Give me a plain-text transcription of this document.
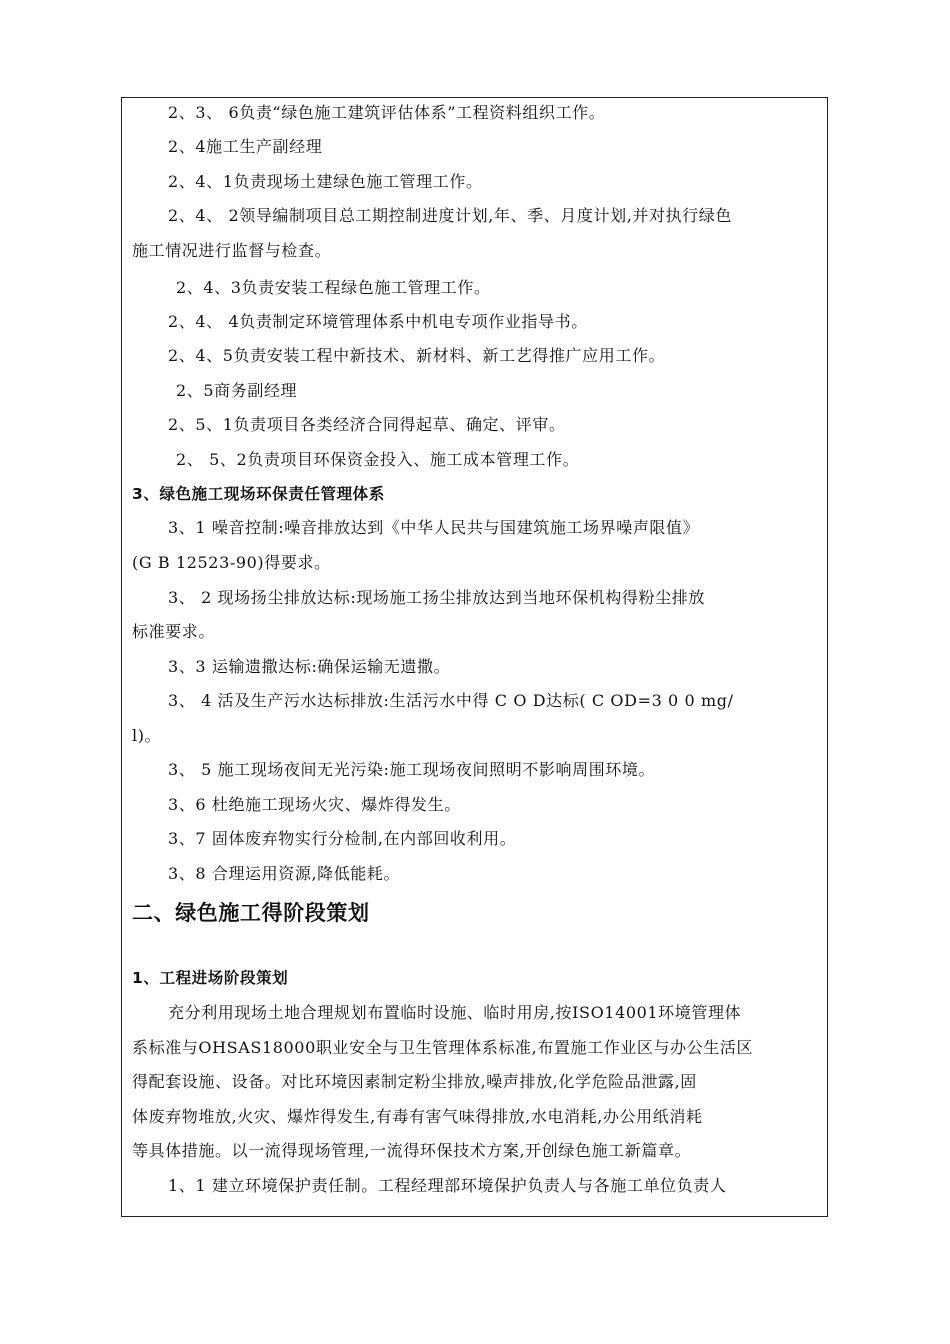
2、3、 6负责“绿色施工建筑评估体系”工程资料组织工作。
2、4施工生产副经理
2、4、1负责现场土建绿色施工管理工作。
2、4、 2领导编制项目总工期控制进度计划,年、季、月度计划,并对执行绿色
施工情况进行监督与检查。
2、4、3负责安装工程绿色施工管理工作。
2、4、 4负责制定环境管理体系中机电专项作业指导书。
2、4、5负责安装工程中新技术、新材料、新工艺得推广应用工作。
2、5商务副经理
2、5、1负责项目各类经济合同得起草、确定、评审。
2、 5、2负责项目环保资金投入、施工成本管理工作。
3、绿色施工现场环保责任管理体系
3、1 噪音控制:噪音排放达到《中华人民共与国建筑施工场界噪声限值》
(G B 12523-90)得要求。
3、 2 现场扬尘排放达标:现场施工扬尘排放达到当地环保机构得粉尘排放
标准要求。
3、3 运输遗撒达标:确保运输无遗撒。
3、 4 活及生产污水达标排放:生活污水中得 C O D达标( C OD=3 0 0 mg/
l)。
3、 5 施工现场夜间无光污染:施工现场夜间照明不影响周围环境。
3、6 杜绝施工现场火灾、爆炸得发生。
3、7 固体废弃物实行分检制,在内部回收利用。
3、8 合理运用资源,降低能耗。
二、绿色施工得阶段策划
1、工程进场阶段策划
充分利用现场土地合理规划布置临时设施、临时用房,按ISO14001环境管理体
系标准与OHSAS18000职业安全与卫生管理体系标准,布置施工作业区与办公生活区
得配套设施、设备。对比环境因素制定粉尘排放,噪声排放,化学危险品泄露,固
体废弃物堆放,火灾、爆炸得发生,有毒有害气味得排放,水电消耗,办公用纸消耗
等具体措施。以一流得现场管理,一流得环保技术方案,开创绿色施工新篇章。
1、1 建立环境保护责任制。工程经理部环境保护负责人与各施工单位负责人
